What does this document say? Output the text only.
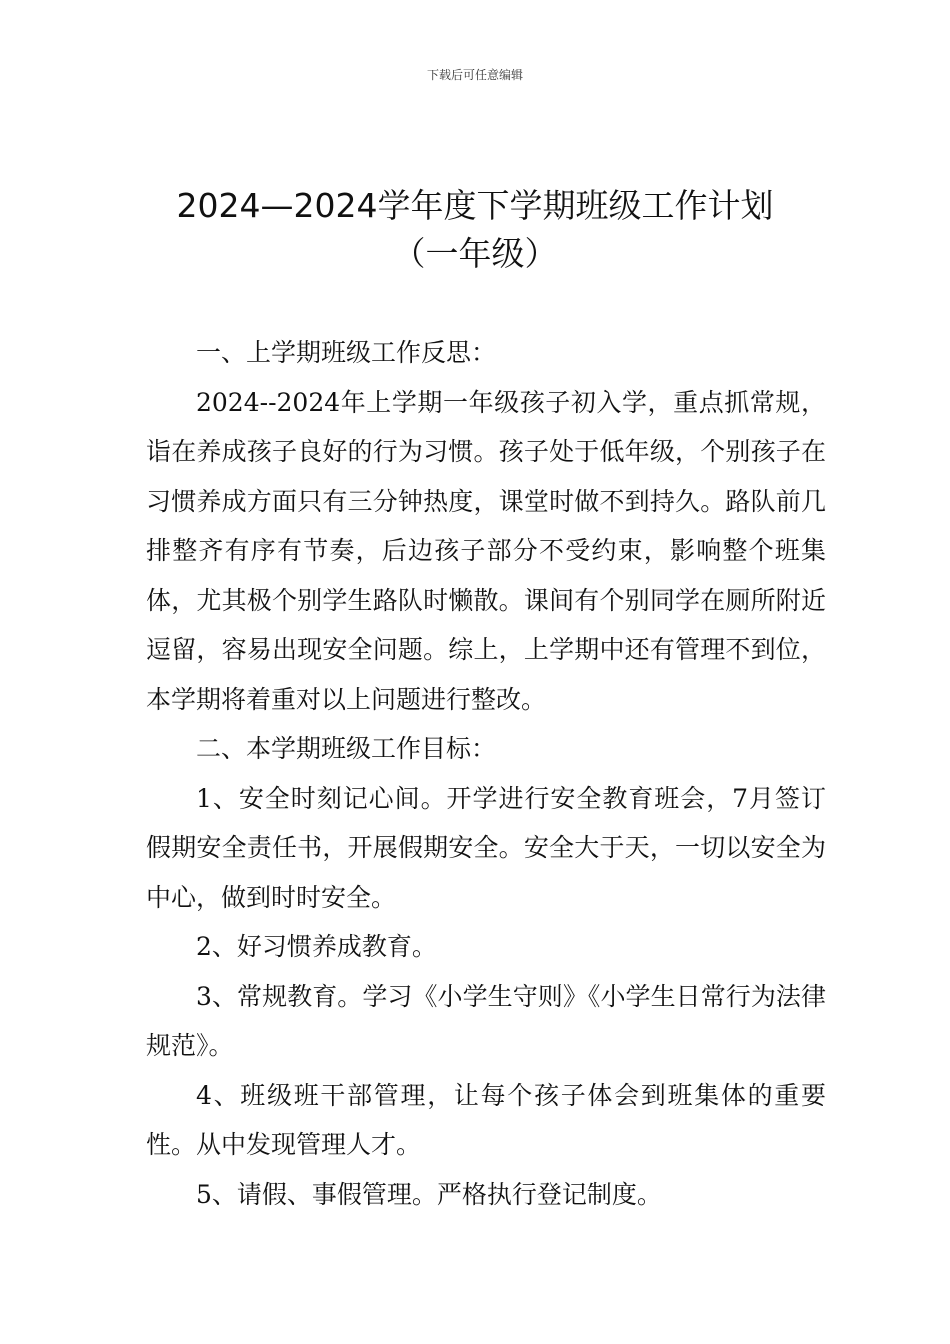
下载后可任意编辑
2024—2024学年度下学期班级工作计划
（一年级）

一、上学期班级工作反思：

2024--2024年上学期一年级孩子初入学，重点抓常规，诣在养成孩子良好的行为习惯。孩子处于低年级，个别孩子在习惯养成方面只有三分钟热度，课堂时做不到持久。路队前几排整齐有序有节奏，后边孩子部分不受约束，影响整个班集体，尤其极个别学生路队时懒散。课间有个别同学在厕所附近逗留，容易出现安全问题。综上，上学期中还有管理不到位，本学期将着重对以上问题进行整改。

二、本学期班级工作目标：

1、安全时刻记心间。开学进行安全教育班会，7月签订假期安全责任书，开展假期安全。安全大于天，一切以安全为中心，做到时时安全。

2、好习惯养成教育。

3、常规教育。学习《小学生守则》《小学生日常行为法律规范》。

4、班级班干部管理，让每个孩子体会到班集体的重要性。从中发现管理人才。

5、请假、事假管理。严格执行登记制度。
